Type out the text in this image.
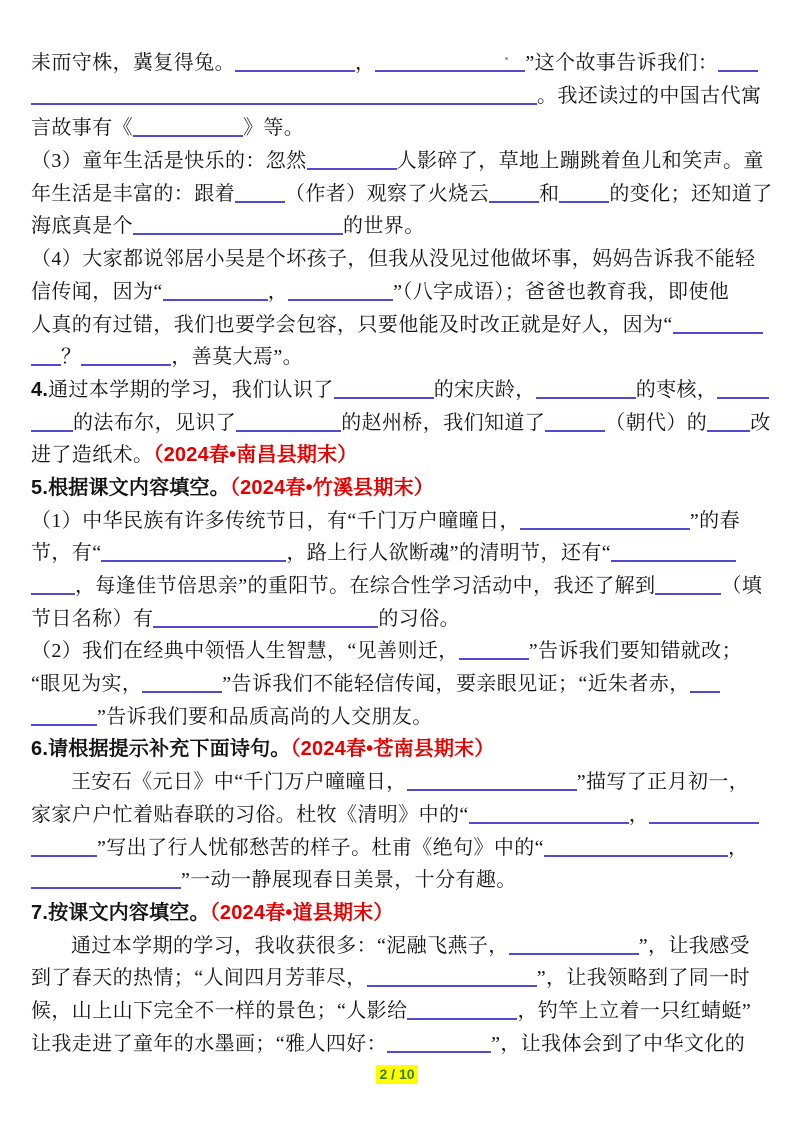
耒而守株，冀复得兔。	，	”这个故事告诉我们：
。我还读过的中国古代寓
言故事有《	》等。
（3）童年生活是快乐的：忽然	人影碎了，草地上蹦跳着鱼儿和笑声。童
年生活是丰富的：跟着	（作者）观察了火烧云	和	的变化；还知道了
海底真是个	的世界。
（4）大家都说邻居小吴是个坏孩子，但我从没见过他做坏事，妈妈告诉我不能轻
信传闻，因为“	，	”（八字成语）；爸爸也教育我，即使他
人真的有过错，我们也要学会包容，只要他能及时改正就是好人，因为“
？	，善莫大焉”。
4.通过本学期的学习，我们认识了	的宋庆龄，	的枣核，
的法布尔，见识了	的赵州桥，我们知道了	（朝代）的 改
进了造纸术。（2024春•南昌县期末）
5.根据课文内容填空。（2024春•竹溪县期末）
（1）中华民族有许多传统节日，有“千门万户曈曈日，	”的春
节，有“	，路上行人欲断魂”的清明节，还有“
，每逢佳节倍思亲”的重阳节。在综合性学习活动中，我还了解到	（填
节日名称）有	的习俗。
（2）我们在经典中领悟人生智慧，“见善则迁，	”告诉我们要知错就改；
“眼见为实，	”告诉我们不能轻信传闻，要亲眼见证；“近朱者赤，
”告诉我们要和品质高尚的人交朋友。
6.请根据提示补充下面诗句。（2024春•苍南县期末）
王安石《元日》中“千门万户曈曈日，	”描写了正月初一，
家家户户忙着贴春联的习俗。杜牧《清明》中的“	，
”写出了行人忧郁愁苦的样子。杜甫《绝句》中的“	，
”一动一静展现春日美景，十分有趣。
7.按课文内容填空。（2024春•道县期末）
通过本学期的学习，我收获很多：“泥融飞燕子，	”，让我感受
到了春天的热情；“人间四月芳菲尽，	”，让我领略到了同一时
候，山上山下完全不一样的景色；“人影给	，钓竿上立着一只红蜻蜓”
让我走进了童年的水墨画；“雅人四好：	”，让我体会到了中华文化的
2 / 10
